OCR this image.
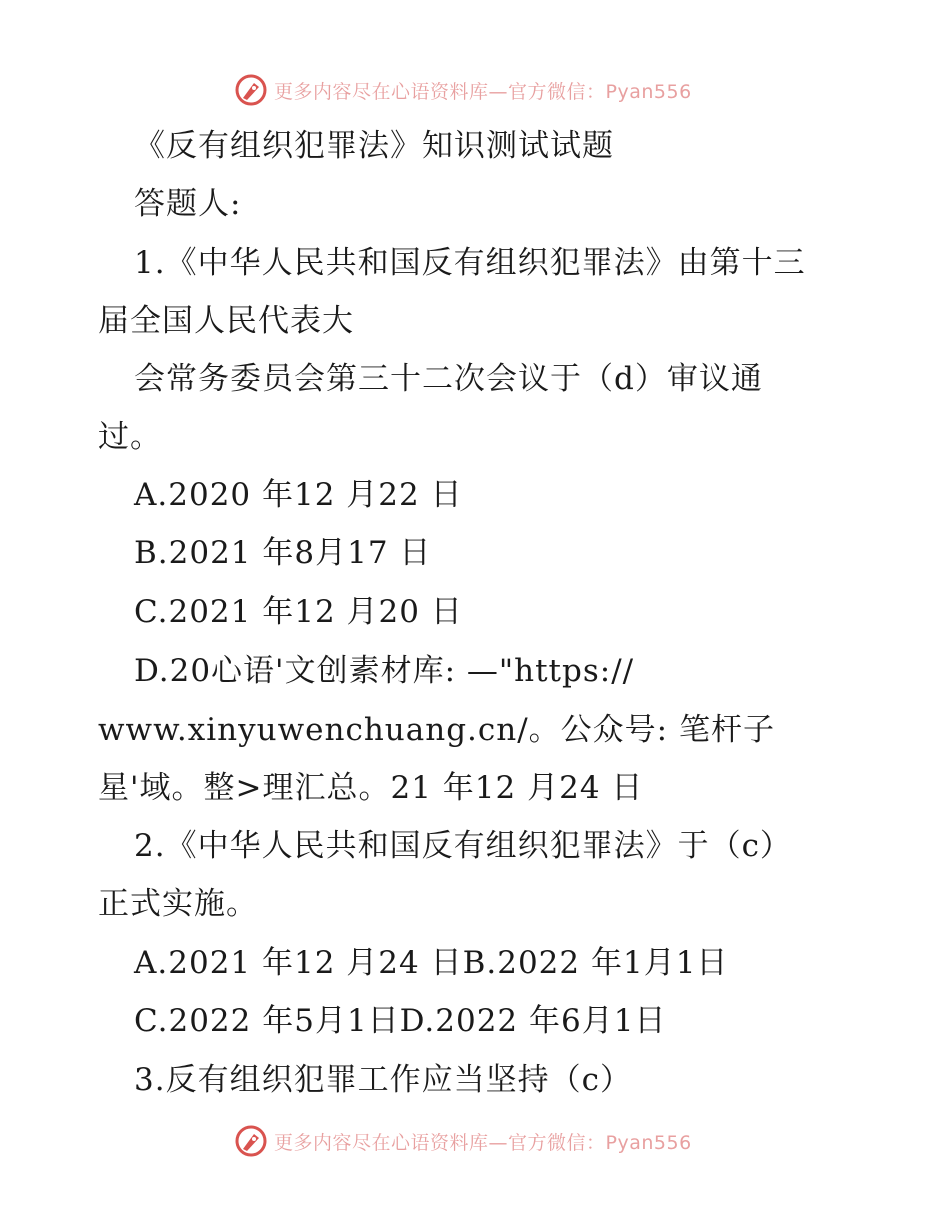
更多内容尽在心语资料库—官方微信：Pyan556
《反有组织犯罪法》知识测试试题
答题人:
1.《中华人民共和国反有组织犯罪法》由第十三
届全国人民代表大
会常务委员会第三十二次会议于（d）审议通
过。
A.2020 年12 月22 日
B.2021 年8月17 日
C.2021 年12 月20 日
D.20心语'文创素材库: —"https://
www.xinyuwenchuang.cn/。公众号: 笔杆子
星'域。整>理汇总。21 年12 月24 日
2.《中华人民共和国反有组织犯罪法》于（c）
正式实施。
A.2021 年12 月24 日B.2022 年1月1日
C.2022 年5月1日D.2022 年6月1日
3.反有组织犯罪工作应当坚持（c）
更多内容尽在心语资料库—官方微信：Pyan556
